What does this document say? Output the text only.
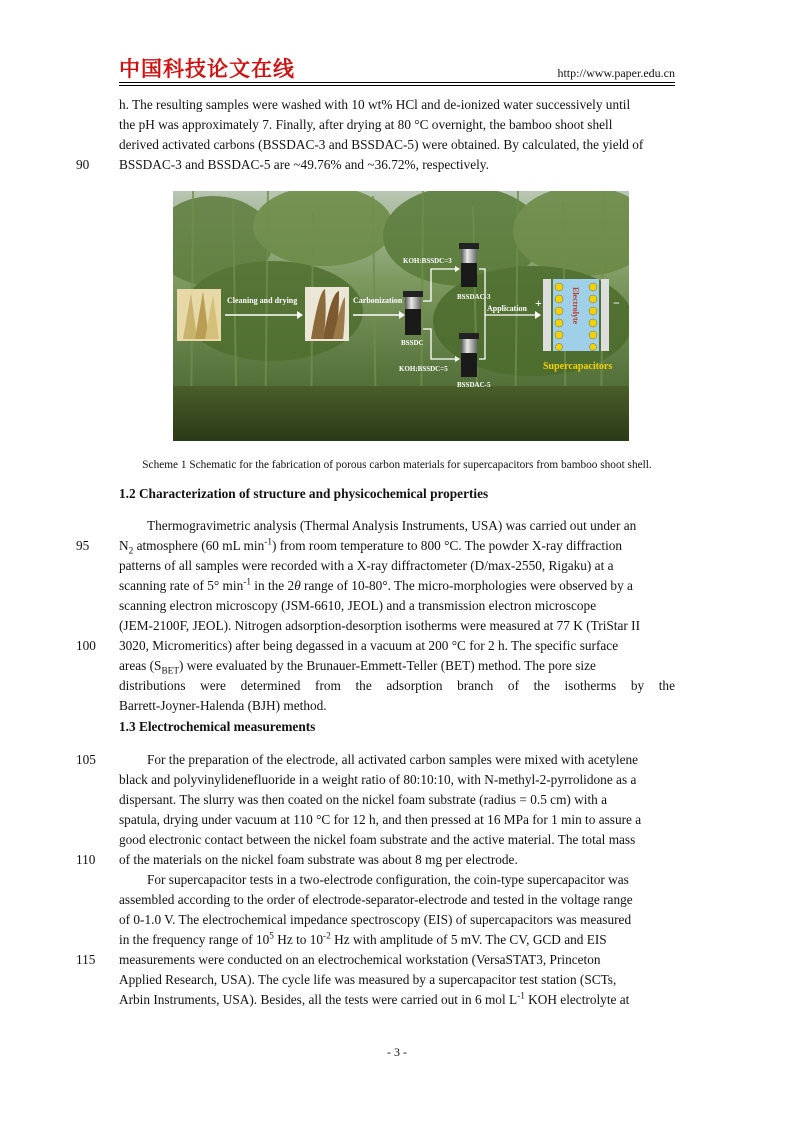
中国科技论文在线	http://www.paper.edu.cn
90
95
100
105
110
115

h. The resulting samples were washed with 10 wt% HCl and de-ionized water successively until

the pH was approximately 7. Finally, after drying at 80 °C overnight, the bamboo shoot shell

derived activated carbons (BSSDAC-3 and BSSDAC-5) were obtained. By calculated, the yield of

BSSDAC-3 and BSSDAC-5 are ~49.76% and ~36.72%, respectively.

Cleaning and drying	Carbonization
BSSDC
KOH:BSSDC=3
KOH:BSSDC=5
BSSDAC-3
BSSDAC-5
Application	Electrolyte
+	−
Supercapacitors
Scheme 1 Schematic for the fabrication of porous carbon materials for supercapacitors from bamboo shoot shell.
1.2 Characterization of structure and physicochemical properties

Thermogravimetric analysis (Thermal Analysis Instruments, USA) was carried out under an

$N_2$ atmosphere (60 mL $\min^{-1}$) from room temperature to 800 °C. The powder X-ray diffraction

patterns of all samples were recorded with a X-ray diffractometer (D/max-2550, Rigaku) at a

scanning rate of 5° $\min^{-1}$ in the 2θ range of 10-80°. The micro-morphologies were observed by a

scanning electron microscopy (JSM-6610, JEOL) and a transmission electron microscope

(JEM-2100F, JEOL). Nitrogen adsorption-desorption isotherms were measured at 77 K (TriStar II

3020, Micromeritics) after being degassed in a vacuum at 200 °C for 2 h. The specific surface

areas $(S_{BET})$ were evaluated by the Brunauer-Emmett-Teller (BET) method. The pore size

distributions were determined from the adsorption branch of the isotherms by the

Barrett-Joyner-Halenda (BJH) method.

1.3 Electrochemical measurements

For the preparation of the electrode, all activated carbon samples were mixed with acetylene

black and polyvinylidenefluoride in a weight ratio of 80:10:10, with N-methyl-2-pyrrolidone as a

dispersant. The slurry was then coated on the nickel foam substrate (radius = 0.5 cm) with a

spatula, drying under vacuum at 110 °C for 12 h, and then pressed at 16 MPa for 1 min to assure a

good electronic contact between the nickel foam substrate and the active material. The total mass

of the materials on the nickel foam substrate was about 8 mg per electrode.

For supercapacitor tests in a two-electrode configuration, the coin-type supercapacitor was

assembled according to the order of electrode-separator-electrode and tested in the voltage range

of 0-1.0 V. The electrochemical impedance spectroscopy (EIS) of supercapacitors was measured

in the frequency range of $10^5$ Hz to $10^{-2}$ Hz with amplitude of 5 mV. The CV, GCD and EIS

measurements were conducted on an electrochemical workstation (VersaSTAT3, Princeton

Applied Research, USA). The cycle life was measured by a supercapacitor test station (SCTs,

Arbin Instruments, USA). Besides, all the tests were carried out in 6 mol $L^{-1}$ KOH electrolyte at

- 3 -
